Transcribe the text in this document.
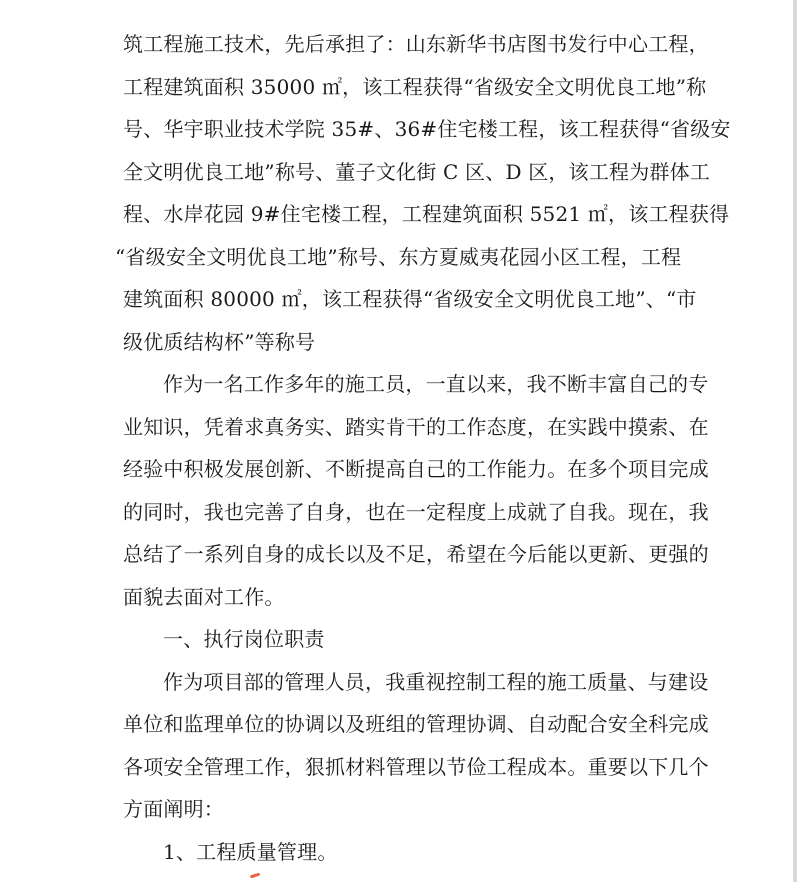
筑工程施工技术，先后承担了：山东新华书店图书发行中心工程，
工程建筑面积 35000 ㎡，该工程获得“省级安全文明优良工地”称
号、华宇职业技术学院 35#、36#住宅楼工程，该工程获得“省级安
全文明优良工地”称号、董子文化街 C 区、D 区，该工程为群体工
程、水岸花园 9#住宅楼工程，工程建筑面积 5521 ㎡，该工程获得
“省级安全文明优良工地”称号、东方夏威夷花园小区工程，工程
建筑面积 80000 ㎡，该工程获得“省级安全文明优良工地”、“市
级优质结构杯”等称号
作为一名工作多年的施工员，一直以来，我不断丰富自己的专
业知识，凭着求真务实、踏实肯干的工作态度，在实践中摸索、在
经验中积极发展创新、不断提高自己的工作能力。在多个项目完成
的同时，我也完善了自身，也在一定程度上成就了自我。现在，我
总结了一系列自身的成长以及不足，希望在今后能以更新、更强的
面貌去面对工作。
一、执行岗位职责
作为项目部的管理人员，我重视控制工程的施工质量、与建设
单位和监理单位的协调以及班组的管理协调、自动配合安全科完成
各项安全管理工作，狠抓材料管理以节俭工程成本。重要以下几个
方面阐明：
1、工程质量管理。
